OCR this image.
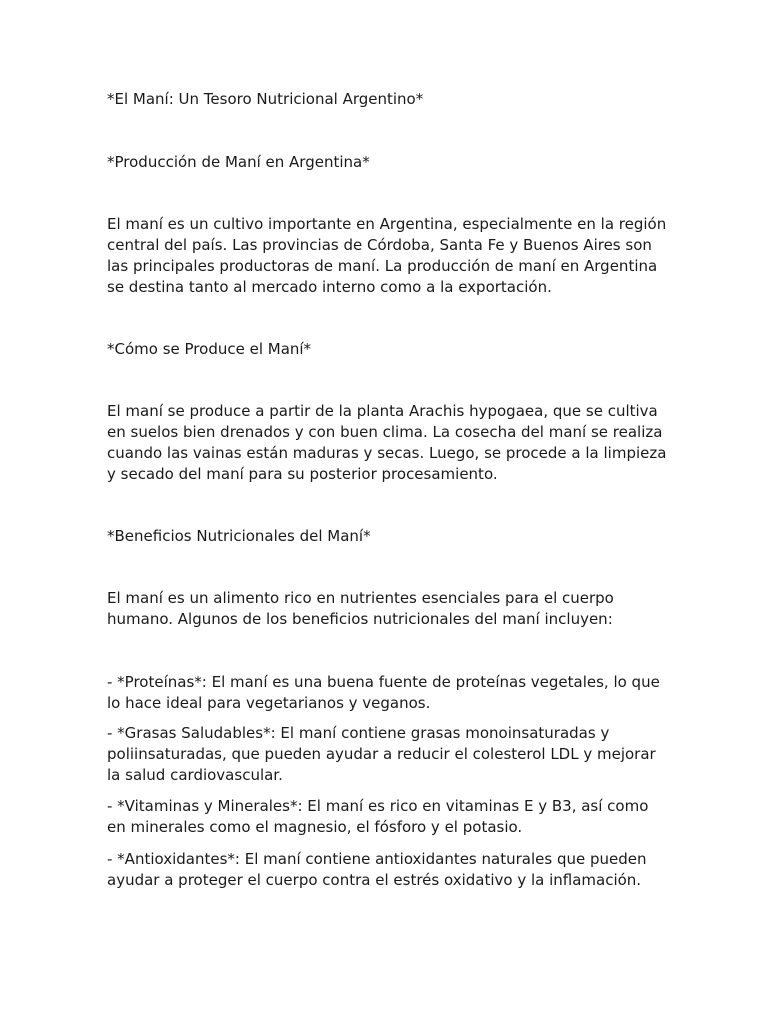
*El Maní: Un Tesoro Nutricional Argentino*

*Producción de Maní en Argentina*

El maní es un cultivo importante en Argentina, especialmente en la región central del país. Las provincias de Córdoba, Santa Fe y Buenos Aires son las principales productoras de maní. La producción de maní en Argentina se destina tanto al mercado interno como a la exportación.

*Cómo se Produce el Maní*

El maní se produce a partir de la planta Arachis hypogaea, que se cultiva en suelos bien drenados y con buen clima. La cosecha del maní se realiza cuando las vainas están maduras y secas. Luego, se procede a la limpieza y secado del maní para su posterior procesamiento.

*Beneficios Nutricionales del Maní*

El maní es un alimento rico en nutrientes esenciales para el cuerpo humano. Algunos de los beneficios nutricionales del maní incluyen:

- *Proteínas*: El maní es una buena fuente de proteínas vegetales, lo que lo hace ideal para vegetarianos y veganos.

- *Grasas Saludables*: El maní contiene grasas monoinsaturadas y poliinsaturadas, que pueden ayudar a reducir el colesterol LDL y mejorar la salud cardiovascular.

- *Vitaminas y Minerales*: El maní es rico en vitaminas E y B3, así como en minerales como el magnesio, el fósforo y el potasio.

- *Antioxidantes*: El maní contiene antioxidantes naturales que pueden ayudar a proteger el cuerpo contra el estrés oxidativo y la inflamación.
